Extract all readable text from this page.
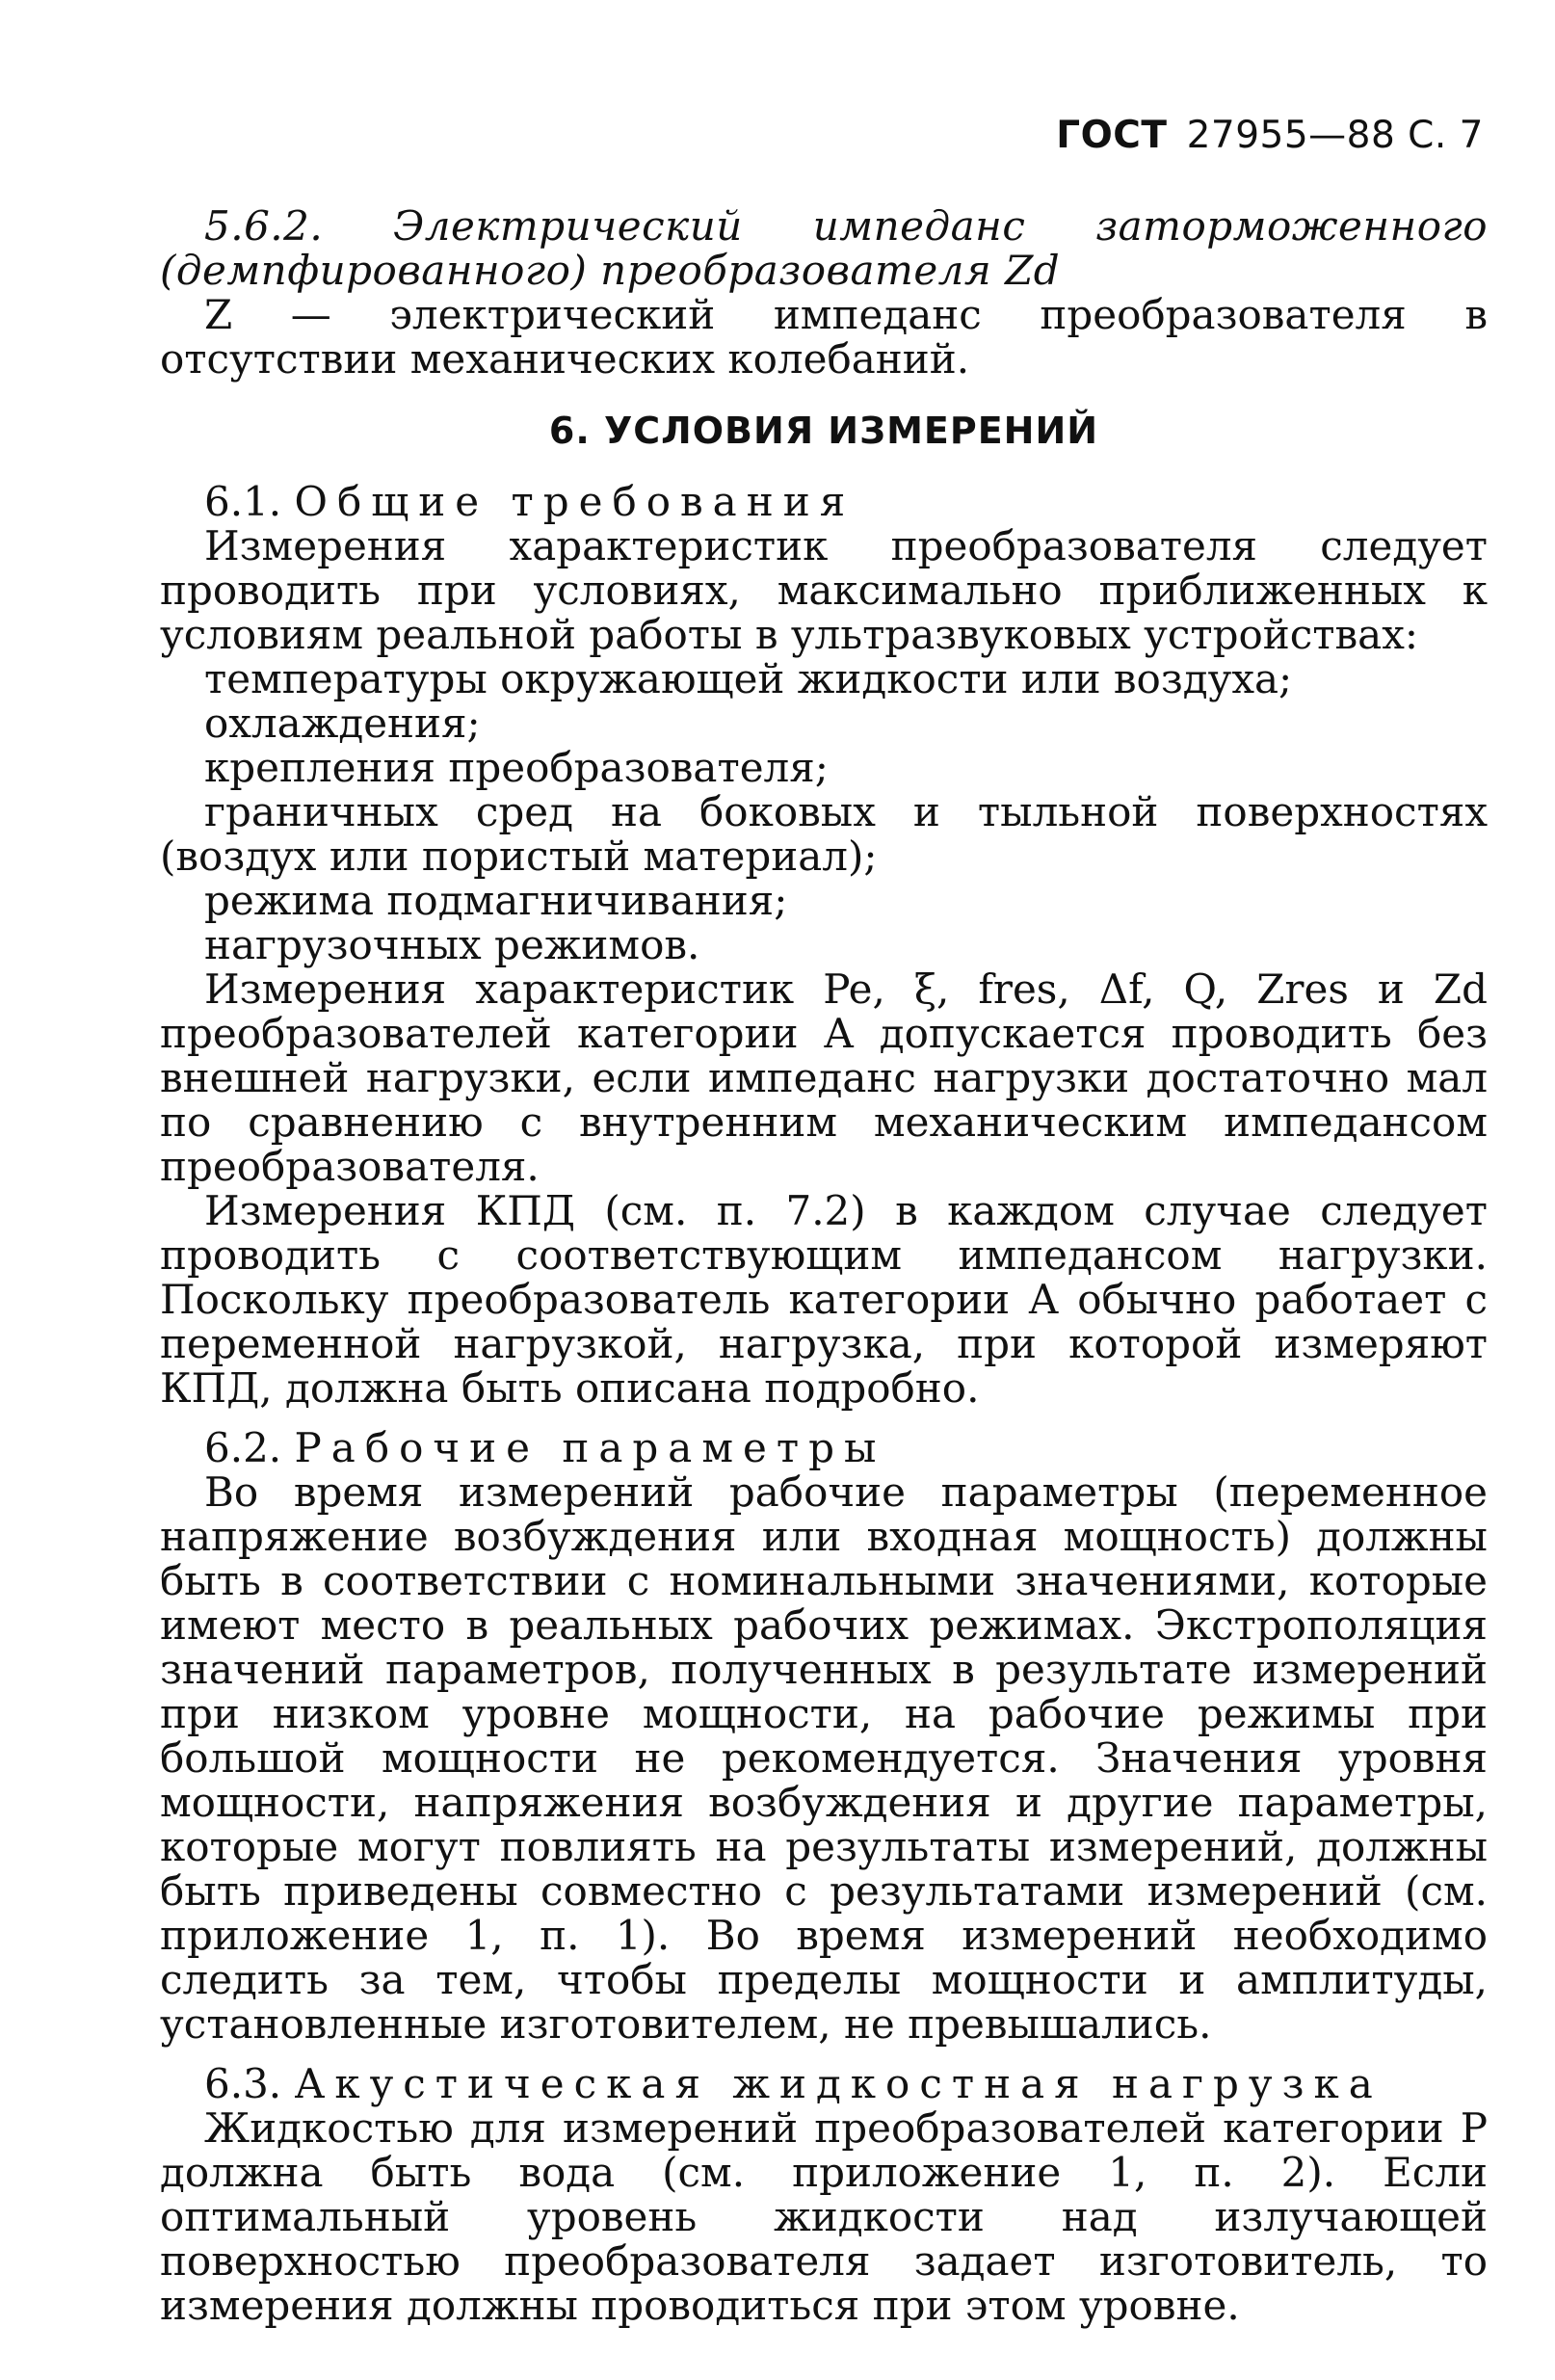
ГОСТ 27955—88 С. 7

5.6.2. Электрический импеданс заторможенного (демпфированного) преобразователя Zd

Z — электрический импеданс преобразователя в отсутствии механических колебаний.

6. УСЛОВИЯ ИЗМЕРЕНИЙ

6.1. Общие требования

Измерения характеристик преобразователя следует проводить при условиях, максимально приближенных к условиям реальной работы в ультразвуковых устройствах:

температуры окружающей жидкости или воздуха;

охлаждения;

крепления преобразователя;

граничных сред на боковых и тыльной поверхностях (воздух или пористый материал);

режима подмагничивания;

нагрузочных режимов.

Измерения характеристик Pe, ξ, fres, Δf, Q, Zres и Zd преобразователей категории А допускается проводить без внешней нагрузки, если импеданс нагрузки достаточно мал по сравнению с внутренним механическим импедансом преобразователя.

Измерения КПД (см. п. 7.2) в каждом случае следует проводить с соответствующим импедансом нагрузки. Поскольку преобразователь категории А обычно работает с переменной нагрузкой, нагрузка, при которой измеряют КПД, должна быть описана подробно.

6.2. Рабочие параметры

Во время измерений рабочие параметры (переменное напряжение возбуждения или входная мощность) должны быть в соответствии с номинальными значениями, которые имеют место в реальных рабочих режимах. Экстрополяция значений параметров, полученных в результате измерений при низком уровне мощности, на рабочие режимы при большой мощности не рекомендуется. Значения уровня мощности, напряжения возбуждения и другие параметры, которые могут повлиять на результаты измерений, должны быть приведены совместно с результатами измерений (см. приложение 1, п. 1). Во время измерений необходимо следить за тем, чтобы пределы мощности и амплитуды, установленные изготовителем, не превышались.

6.3. Акустическая жидкостная нагрузка

Жидкостью для измерений преобразователей категории Р должна быть вода (см. приложение 1, п. 2). Если оптимальный уровень жидкости над излучающей поверхностью преобразователя задает изготовитель, то измерения должны проводиться при этом уровне.
